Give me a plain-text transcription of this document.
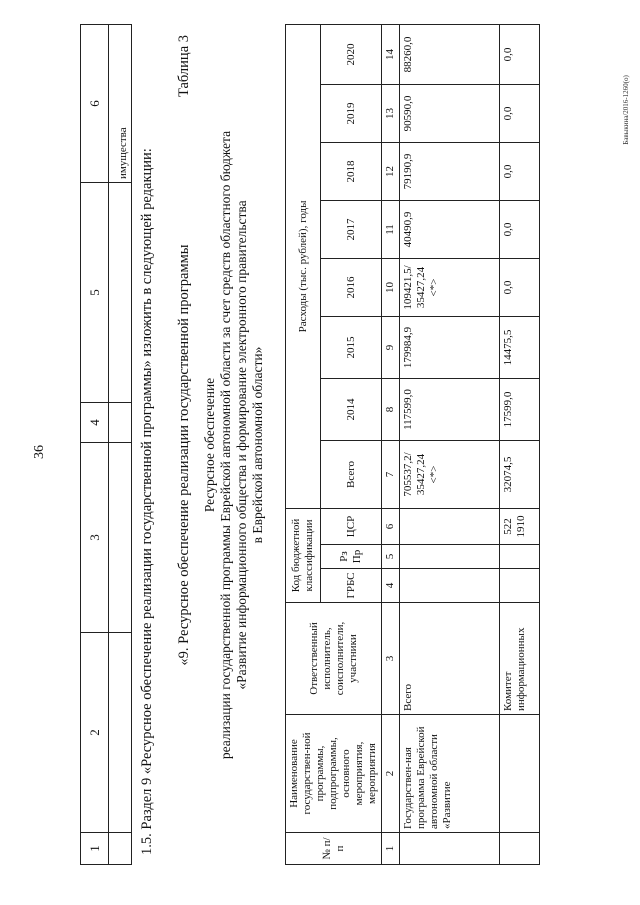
36
Бавыкина/2016-1260(о)
1	2	3	4	5	6
					имущества 1.5. Раздел 9 «Ресурсное обеспечение реализации государственной программы» изложить в следующей редакции: «9. Ресурсное обеспечение реализации государственной программы

Таблица 3

Ресурсное обеспечение реализации государственной программы Еврейской автономной области за счет средств областного бюджета «Развитие информационного общества и формирование электронного правительства в Еврейской автономной области»
№ п/п	Наименование государствен-ной программы, подпрограммы, основного мероприятия, мероприятия	Ответственный исполнитель, соисполнители, участники	Код бюджетной классификации			Расходы (тыс. рублей), годы							
			ГРБС	Рз Пр	ЦСР	Всего	2014	2015	2016	2017	2018	2019	2020

1	2	3	4	5	6	7	8	9	10	11	12	13	14
	Государствен-ная программа Еврейской автономной области «Развитие	Всего				705537,2/ 35427,24 <*>	117599,0	179984,9	109421,5/ 35427,24 <*>	40490,9	79190,9	90590,0	88260,0
		Комитет информационных			522 1910	32074,5	17599,0	14475,5	0,0	0,0	0,0	0,0	0,0
